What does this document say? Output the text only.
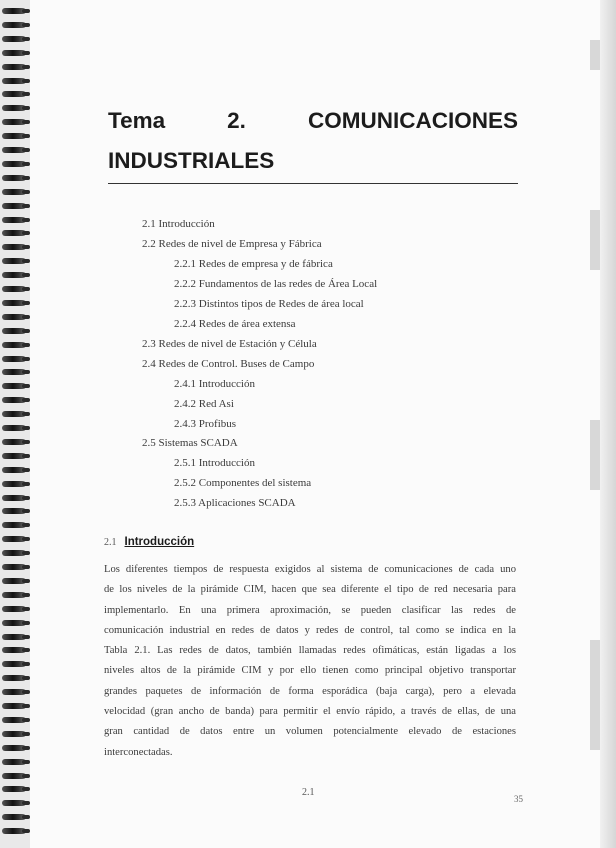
Tema	2.	COMUNICACIONES
INDUSTRIALES
2.1 Introducción
2.2 Redes de nivel de Empresa y Fábrica
2.2.1 Redes de empresa y de fábrica
2.2.2 Fundamentos de las redes de Área Local
2.2.3 Distintos tipos de Redes de área local
2.2.4 Redes de área extensa
2.3 Redes de nivel de Estación y Célula
2.4 Redes de Control. Buses de Campo
2.4.1 Introducción
2.4.2 Red Asi
2.4.3 Profibus
2.5 Sistemas SCADA
2.5.1 Introducción
2.5.2 Componentes del sistema
2.5.3 Aplicaciones SCADA
2.1 Introducción
Los diferentes tiempos de respuesta exigidos al sistema de comunicaciones de cada uno
de los niveles de la pirámide CIM, hacen que sea diferente el tipo de red necesaria para
implementarlo. En una primera aproximación, se pueden clasificar las redes de
comunicación industrial en redes de datos y redes de control, tal como se indica en la
Tabla 2.1. Las redes de datos, también llamadas redes ofimáticas, están ligadas a los
niveles altos de la pirámide CIM y por ello tienen como principal objetivo transportar
grandes paquetes de información de forma esporádica (baja carga), pero a elevada
velocidad (gran ancho de banda) para permitir el envío rápido, a través de ellas, de una
gran cantidad de datos entre un volumen potencialmente elevado de estaciones
interconectadas.
2.1
35
